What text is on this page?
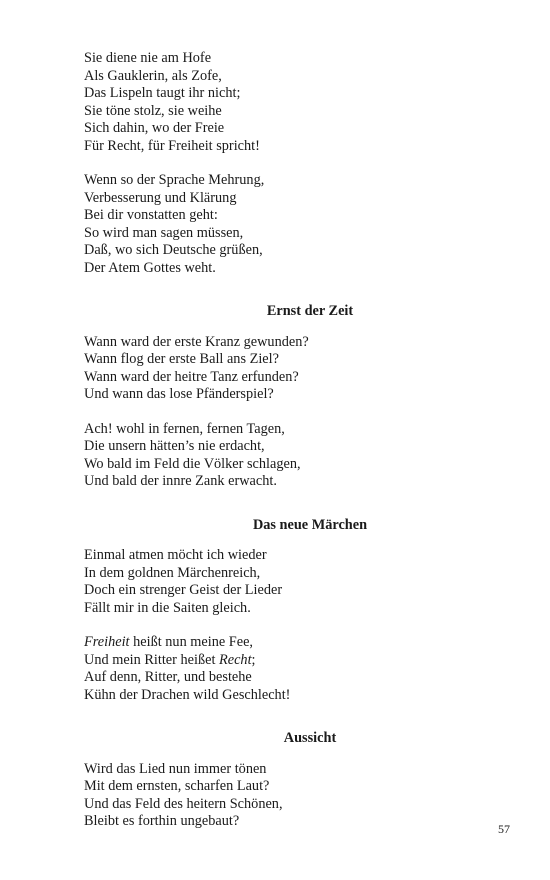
Sie diene nie am Hofe
Als Gauklerin, als Zofe,
Das Lispeln taugt ihr nicht;
Sie töne stolz, sie weihe
Sich dahin, wo der Freie
Für Recht, für Freiheit spricht!
Wenn so der Sprache Mehrung,
Verbesserung und Klärung
Bei dir vonstatten geht:
So wird man sagen müssen,
Daß, wo sich Deutsche grüßen,
Der Atem Gottes weht.
Ernst der Zeit
Wann ward der erste Kranz gewunden?
Wann flog der erste Ball ans Ziel?
Wann ward der heitre Tanz erfunden?
Und wann das lose Pfänderspiel?
Ach! wohl in fernen, fernen Tagen,
Die unsern hätten’s nie erdacht,
Wo bald im Feld die Völker schlagen,
Und bald der innre Zank erwacht.
Das neue Märchen
Einmal atmen möcht ich wieder
In dem goldnen Märchenreich,
Doch ein strenger Geist der Lieder
Fällt mir in die Saiten gleich.
Freiheit heißt nun meine Fee,
Und mein Ritter heißet Recht;
Auf denn, Ritter, und bestehe
Kühn der Drachen wild Geschlecht!
Aussicht
Wird das Lied nun immer tönen
Mit dem ernsten, scharfen Laut?
Und das Feld des heitern Schönen,
Bleibt es forthin ungebaut?	57
